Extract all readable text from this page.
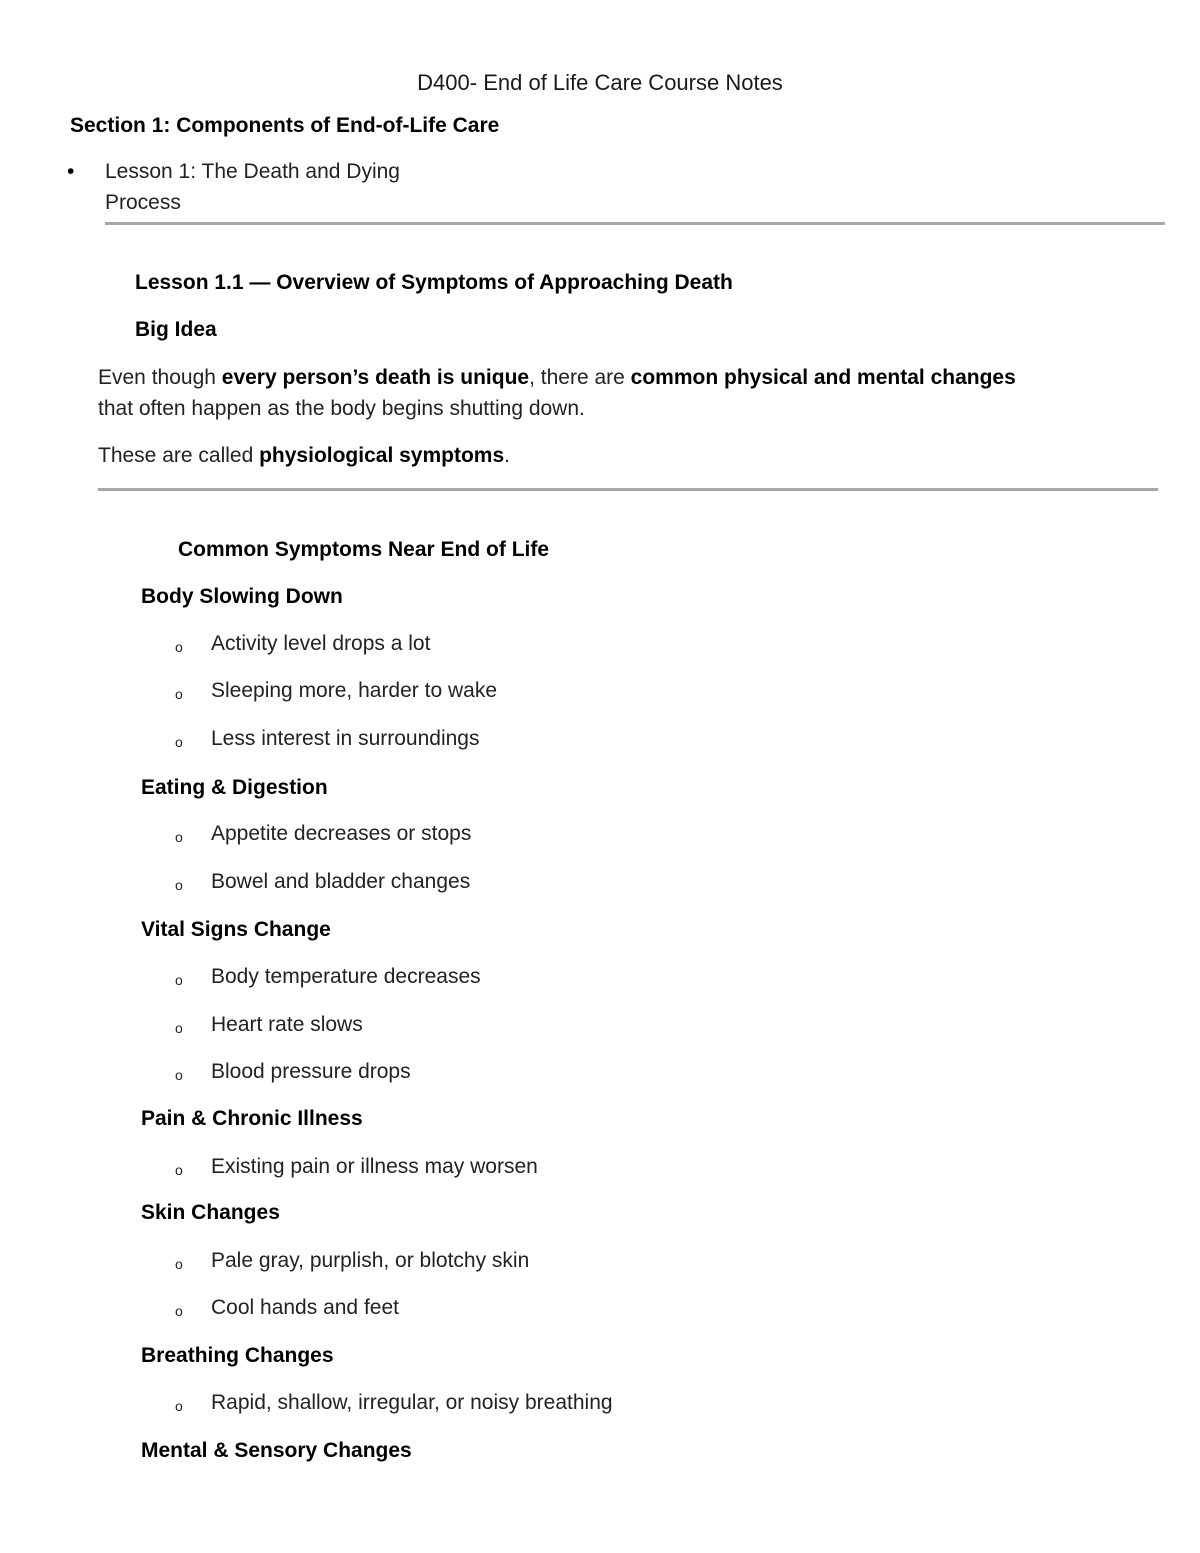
D400- End of Life Care Course Notes
Section 1: Components of End-of-Life Care
• Lesson 1: The Death and Dying
Process
Lesson 1.1 — Overview of Symptoms of Approaching Death
Big Idea
Even though every person’s death is unique, there are common physical and mental changes
that often happen as the body begins shutting down.
These are called physiological symptoms.
Common Symptoms Near End of Life
Body Slowing Down
o Activity level drops a lot
o Sleeping more, harder to wake
o Less interest in surroundings
Eating & Digestion
o Appetite decreases or stops
o Bowel and bladder changes
Vital Signs Change
o Body temperature decreases
o Heart rate slows
o Blood pressure drops
Pain & Chronic Illness
o Existing pain or illness may worsen
Skin Changes
o Pale gray, purplish, or blotchy skin
o Cool hands and feet
Breathing Changes
o Rapid, shallow, irregular, or noisy breathing
Mental & Sensory Changes
